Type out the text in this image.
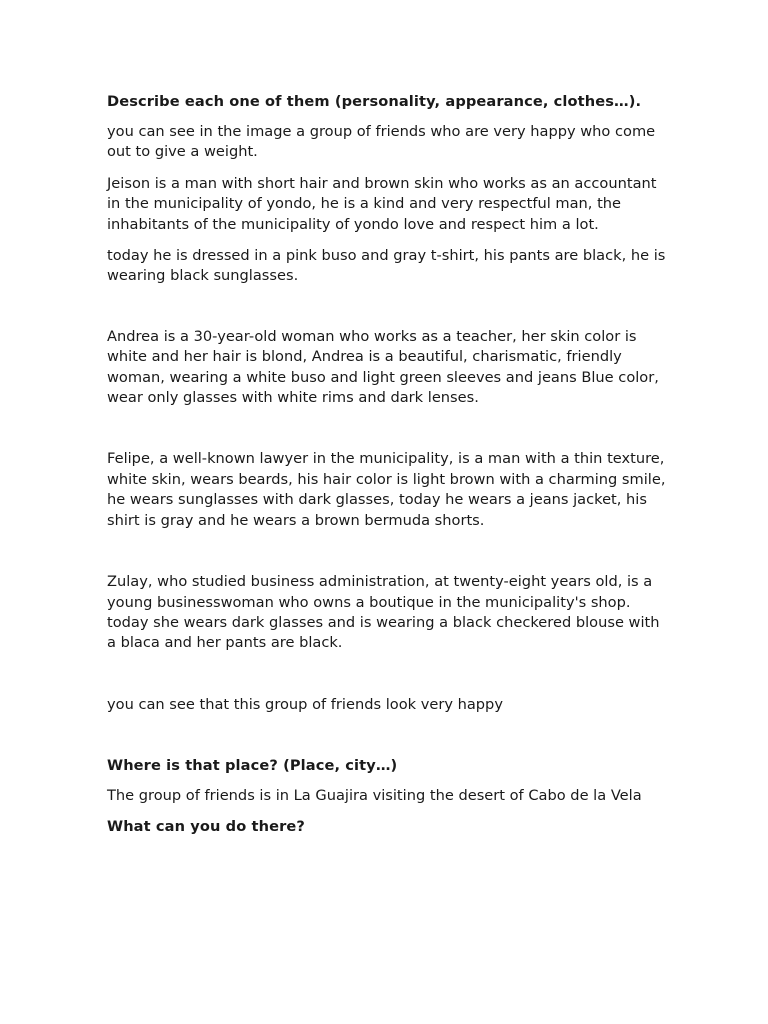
Describe each one of them (personality, appearance, clothes…).

you can see in the image a group of friends who are very happy who come out to give a weight.

Jeison is a man with short hair and brown skin who works as an accountant in the municipality of yondo, he is a kind and very respectful man, the inhabitants of the municipality of yondo love and respect him a lot.

today he is dressed in a pink buso and gray t-shirt, his pants are black, he is wearing black sunglasses.

Andrea is a 30-year-old woman who works as a teacher, her skin color is white and her hair is blond, Andrea is a beautiful, charismatic, friendly woman, wearing a white buso and light green sleeves and jeans Blue color, wear only glasses with white rims and dark lenses.

Felipe, a well-known lawyer in the municipality, is a man with a thin texture, white skin, wears beards, his hair color is light brown with a charming smile, he wears sunglasses with dark glasses, today he wears a jeans jacket, his shirt is gray and he wears a brown bermuda shorts.

Zulay, who studied business administration, at twenty-eight years old, is a young businesswoman who owns a boutique in the municipality's shop. today she wears dark glasses and is wearing a black checkered blouse with a blaca and her pants are black.

you can see that this group of friends look very happy

Where is that place? (Place, city…)

The group of friends is in La Guajira visiting the desert of Cabo de la Vela

What can you do there?
